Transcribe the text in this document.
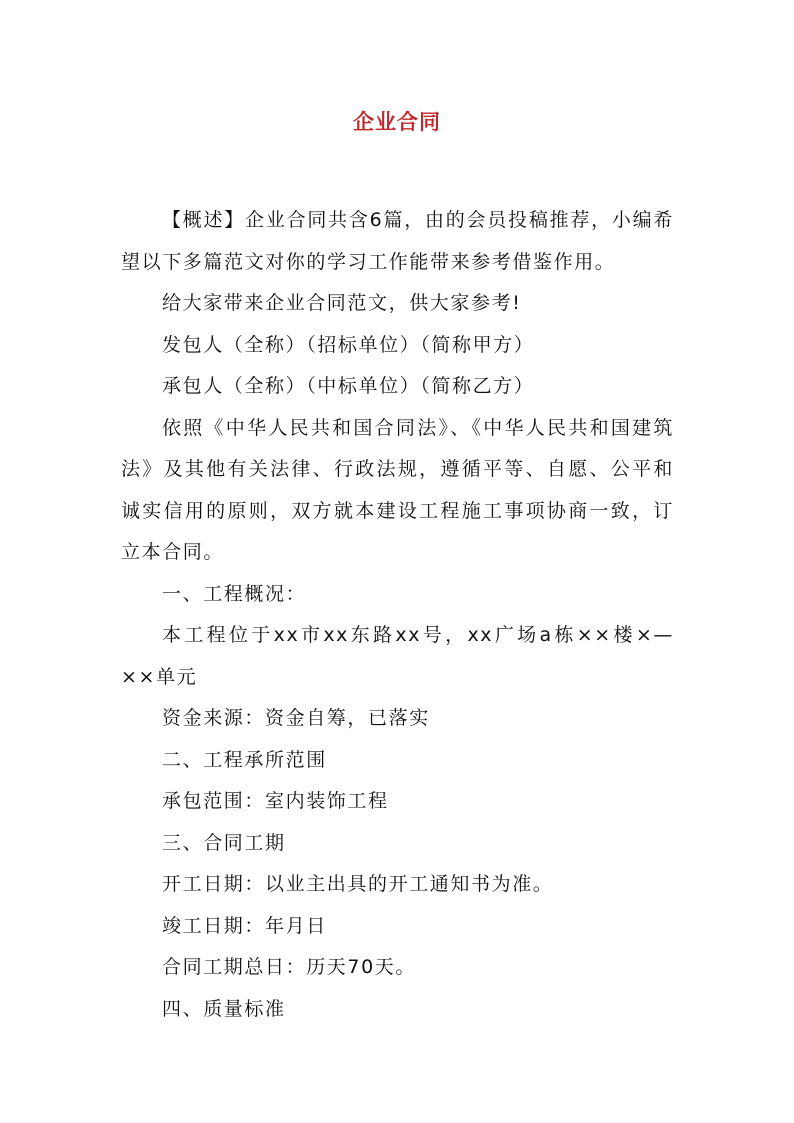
企业合同

【概述】企业合同共含6篇，由的会员投稿推荐，小编希望以下多篇范文对你的学习工作能带来参考借鉴作用。

给大家带来企业合同范文，供大家参考!

发包人（全称）（招标单位）（简称甲方）

承包人（全称）（中标单位）（简称乙方）

依照《中华人民共和国合同法》、《中华人民共和国建筑法》及其他有关法律、行政法规，遵循平等、自愿、公平和诚实信用的原则，双方就本建设工程施工事项协商一致，订立本合同。

一、工程概况：

本工程位于xx市xx东路xx号，xx广场a栋××楼×—××单元

资金来源：资金自筹，已落实

二、工程承所范围

承包范围：室内装饰工程

三、合同工期

开工日期：以业主出具的开工通知书为准。

竣工日期：年月日

合同工期总日：历天70天。

四、质量标准
